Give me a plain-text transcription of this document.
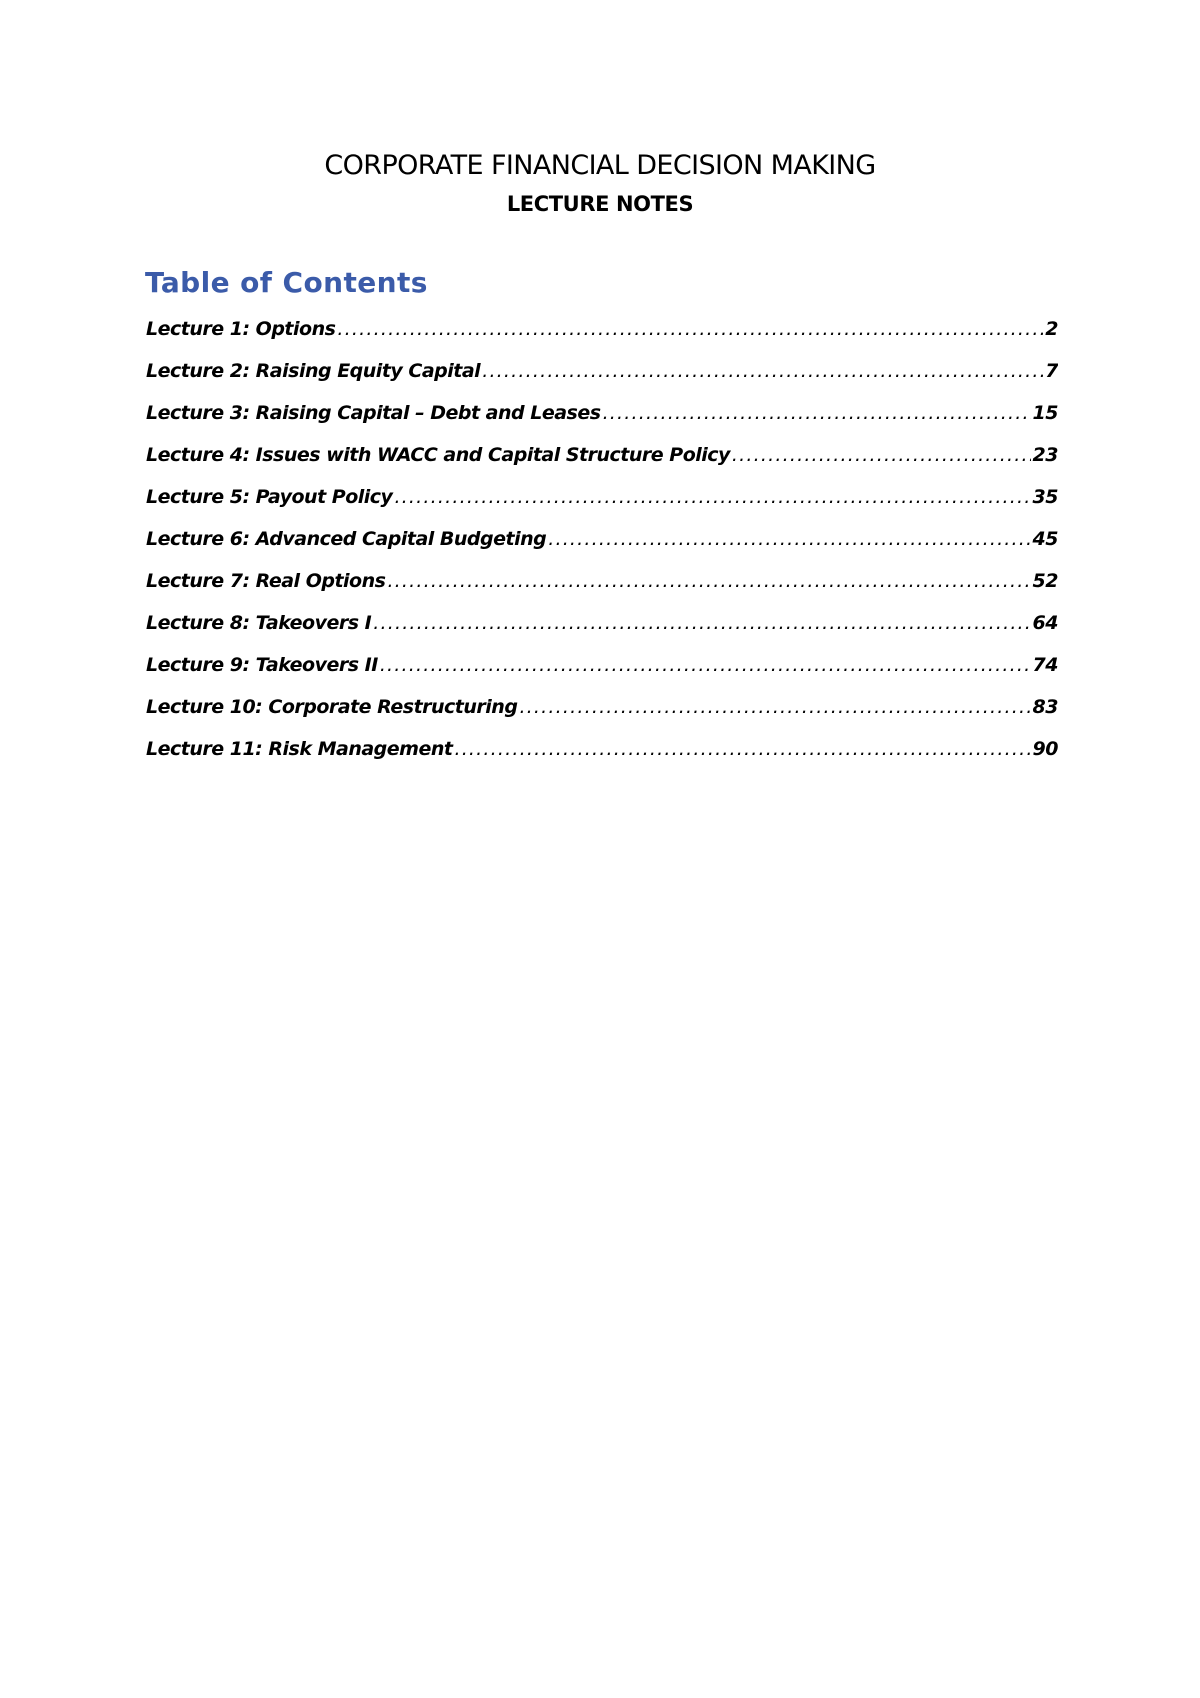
CORPORATE FINANCIAL DECISION MAKING
LECTURE NOTES
Table of Contents
Lecture 1: Options .....	2
Lecture 2: Raising Equity Capital .....	7
Lecture 3: Raising Capital – Debt and Leases .....	15
Lecture 4: Issues with WACC and Capital Structure Policy .....	23
Lecture 5: Payout Policy .....	35
Lecture 6: Advanced Capital Budgeting .....	45
Lecture 7: Real Options .....	52
Lecture 8: Takeovers I .....	64
Lecture 9: Takeovers II .....	74
Lecture 10: Corporate Restructuring .....	83
Lecture 11: Risk Management .....	90
